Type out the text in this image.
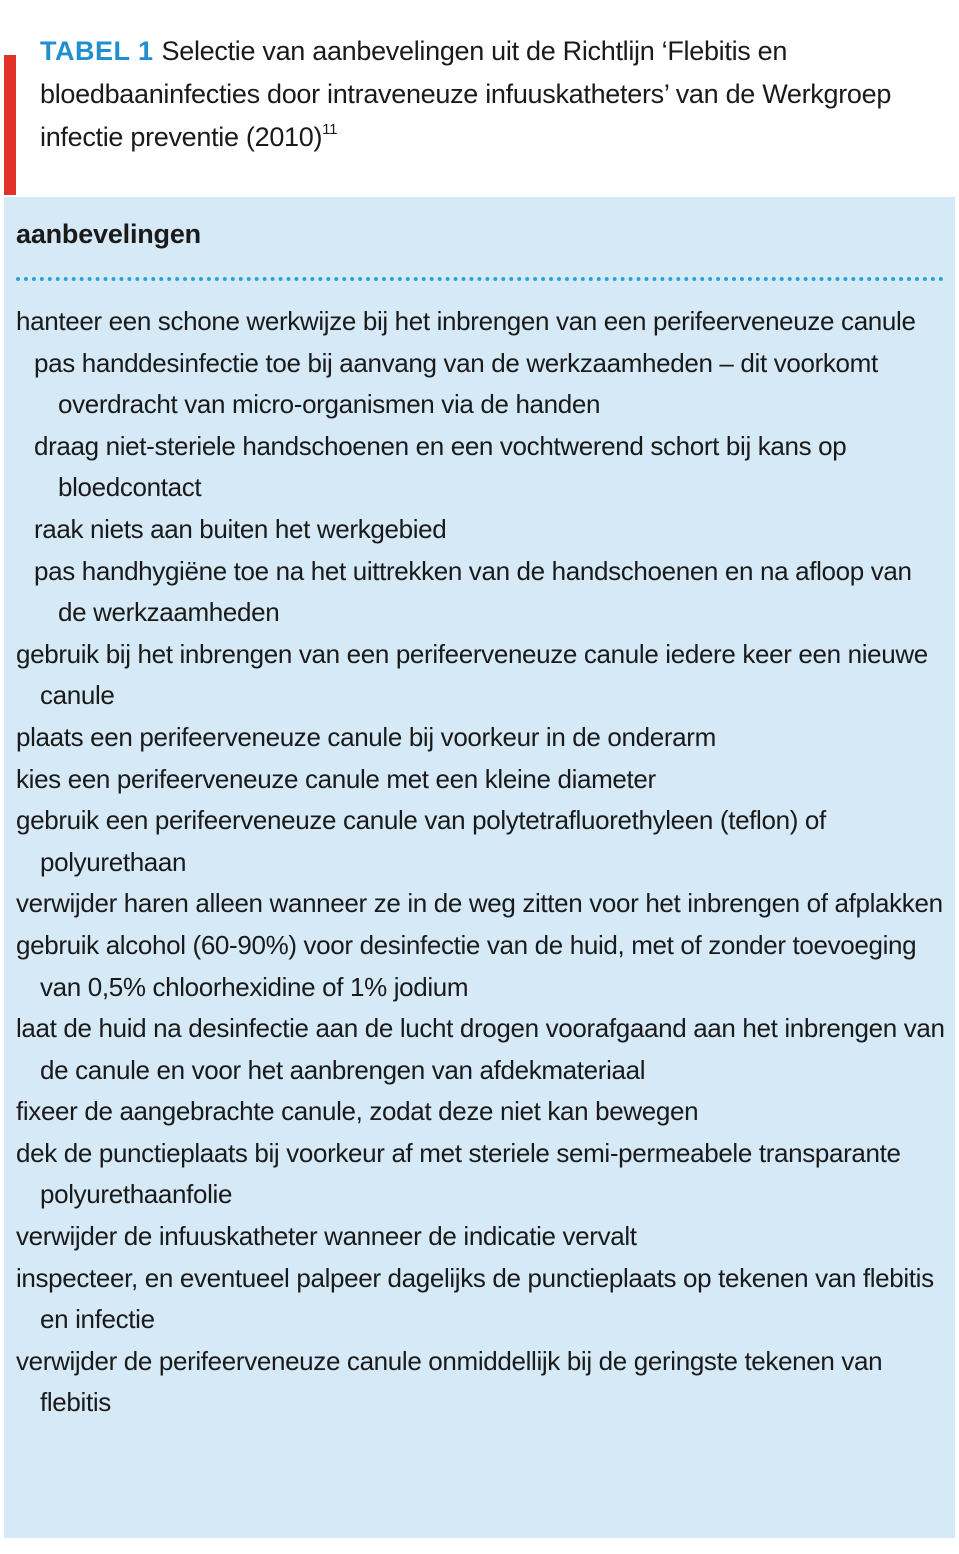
TABEL 1 Selectie van aanbevelingen uit de Richtlijn ‘Flebitis en bloedbaaninfecties door intraveneuze infuuskatheters’ van de Werkgroep infectie preventie $(2010)^{11}$
aanbevelingen
hanteer een schone werkwijze bij het inbrengen van een perifeerveneuze canule
pas handdesinfectie toe bij aanvang van de werkzaamheden – dit voorkomt overdracht van micro-organismen via de handen
draag niet-steriele handschoenen en een vochtwerend schort bij kans op bloedcontact
raak niets aan buiten het werkgebied
pas handhygiëne toe na het uittrekken van de handschoenen en na afloop van de werkzaamheden
gebruik bij het inbrengen van een perifeerveneuze canule iedere keer een nieuwe canule
plaats een perifeerveneuze canule bij voorkeur in de onderarm
kies een perifeerveneuze canule met een kleine diameter
gebruik een perifeerveneuze canule van polytetrafluorethyleen (teflon) of polyurethaan
verwijder haren alleen wanneer ze in de weg zitten voor het inbrengen of afplakken
gebruik alcohol (60-90%) voor desinfectie van de huid, met of zonder toevoeging van 0,5% chloorhexidine of 1% jodium
laat de huid na desinfectie aan de lucht drogen voorafgaand aan het inbrengen van de canule en voor het aanbrengen van afdekmateriaal
fixeer de aangebrachte canule, zodat deze niet kan bewegen
dek de punctieplaats bij voorkeur af met steriele semi-permeabele transparante polyurethaanfolie
verwijder de infuuskatheter wanneer de indicatie vervalt
inspecteer, en eventueel palpeer dagelijks de punctieplaats op tekenen van flebitis en infectie
verwijder de perifeerveneuze canule onmiddellijk bij de geringste tekenen van flebitis
